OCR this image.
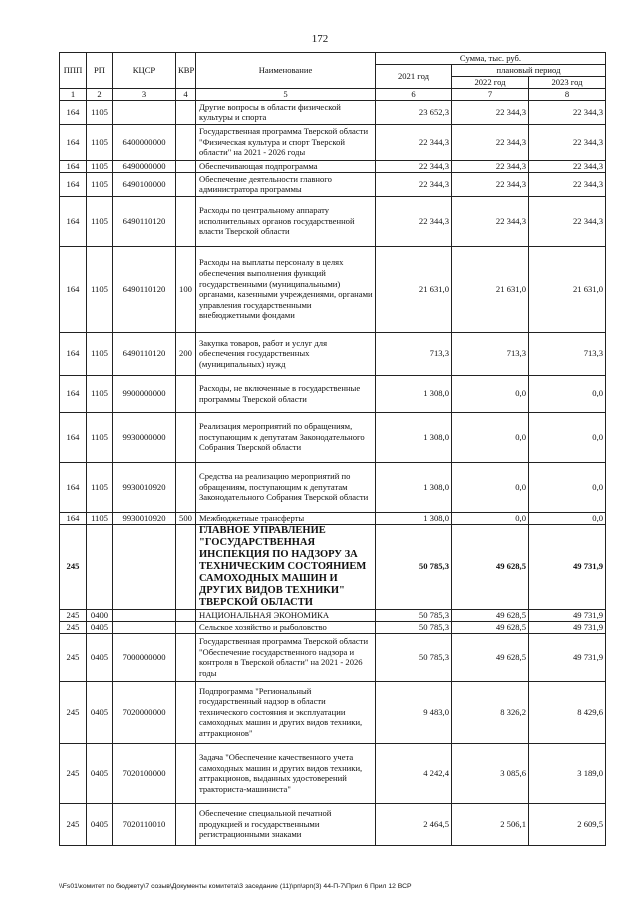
172
ППП	РП	КЦСР	КВР	Наименование	Сумма, тыс. руб.		
					2021 год	плановый период	
						2022 год	2023 год
1	2	3	4	5	6	7	8
164	1105			Другие вопросы в области физической культуры и спорта	23 652,3	22 344,3	22 344,3
164	1105	6400000000		Государственная программа Тверской области "Физическая культура и спорт Тверской области" на 2021 - 2026 годы	22 344,3	22 344,3	22 344,3
164	1105	6490000000		Обеспечивающая подпрограмма	22 344,3	22 344,3	22 344,3
164	1105	6490100000		Обеспечение деятельности главного администратора программы	22 344,3	22 344,3	22 344,3
164	1105	6490110120		Расходы по центральному аппарату исполнительных органов государственной власти Тверской области	22 344,3	22 344,3	22 344,3
164	1105	6490110120	100	Расходы на выплаты персоналу в целях обеспечения выполнения функций государственными (муниципальными) органами, казенными учреждениями, органами управления государственными внебюджетными фондами	21 631,0	21 631,0	21 631,0
164	1105	6490110120	200	Закупка товаров, работ и услуг для обеспечения государственных (муниципальных) нужд	713,3	713,3	713,3
164	1105	9900000000		Расходы, не включенные в государственные программы Тверской области	1 308,0	0,0	0,0
164	1105	9930000000		Реализация мероприятий по обращениям, поступающим к депутатам Законодательного Собрания Тверской области	1 308,0	0,0	0,0
164	1105	9930010920		Средства на реализацию мероприятий по обращениям, поступающим к депутатам Законодательного Собрания Тверской области	1 308,0	0,0	0,0
164	1105	9930010920	500	Межбюджетные трансферты	1 308,0	0,0	0,0
245				ГЛАВНОЕ УПРАВЛЕНИЕ "ГОСУДАРСТВЕННАЯ ИНСПЕКЦИЯ ПО НАДЗОРУ ЗА ТЕХНИЧЕСКИМ СОСТОЯНИЕМ САМОХОДНЫХ МАШИН И ДРУГИХ ВИДОВ ТЕХНИКИ" ТВЕРСКОЙ ОБЛАСТИ	50 785,3	49 628,5	49 731,9
245	0400			НАЦИОНАЛЬНАЯ ЭКОНОМИКА	50 785,3	49 628,5	49 731,9
245	0405			Сельское хозяйство и рыболовство	50 785,3	49 628,5	49 731,9
245	0405	7000000000		Государственная программа Тверской области "Обеспечение государственного надзора и контроля в Тверской области" на 2021 - 2026 годы	50 785,3	49 628,5	49 731,9
245	0405	7020000000		Подпрограмма "Региональный государственный надзор в области технического состояния и эксплуатации самоходных машин и других видов техники, аттракционов"	9 483,0	8 326,2	8 429,6
245	0405	7020100000		Задача "Обеспечение качественного учета самоходных машин и других видов техники, аттракционов, выданных удостоверений тракториста-машиниста"	4 242,4	3 085,6	3 189,0
245	0405	7020110010		Обеспечение специальной печатной продукцией и государственными регистрационными знаками	2 464,5	2 506,1	2 609,5
\\Fs01\комитет по бюджету\7 созыв\Документы комитета\3 заседание (11)\рп\зрп(3) 44-П-7\Прил 6 Прил 12 ВСР
